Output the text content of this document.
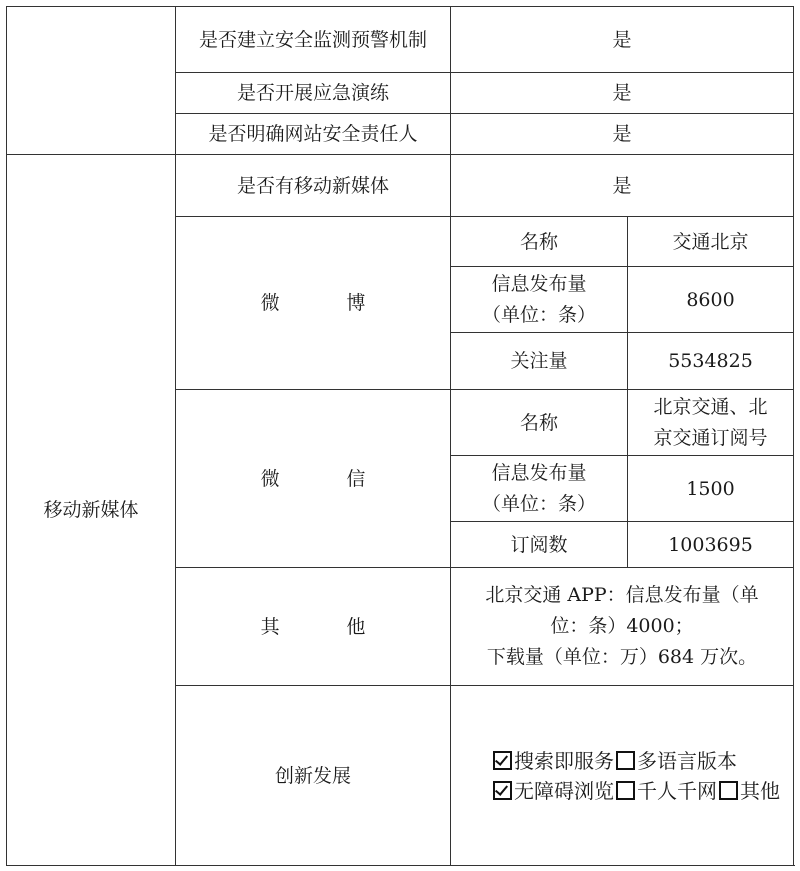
	是否建立安全监测预警机制	是	
	是否开展应急演练	是	
	是否明确网站安全责任人	是	
移动新媒体	是否有移动新媒体	是	
	微 博	名称	交通北京

		信息发布量
（单位：条）	8600
		关注量	5534825
	微 信	名称	北京交通、北
京交通订阅号

		信息发布量
（单位：条）	1500
		订阅数	1003695
	其 他	北京交通 APP：信息发布量（单
位：条）4000；
下载量（单位：万）684 万次。	

	创新发展	搜索即服务 多语言版本无障碍浏览 千人千网 其他	
